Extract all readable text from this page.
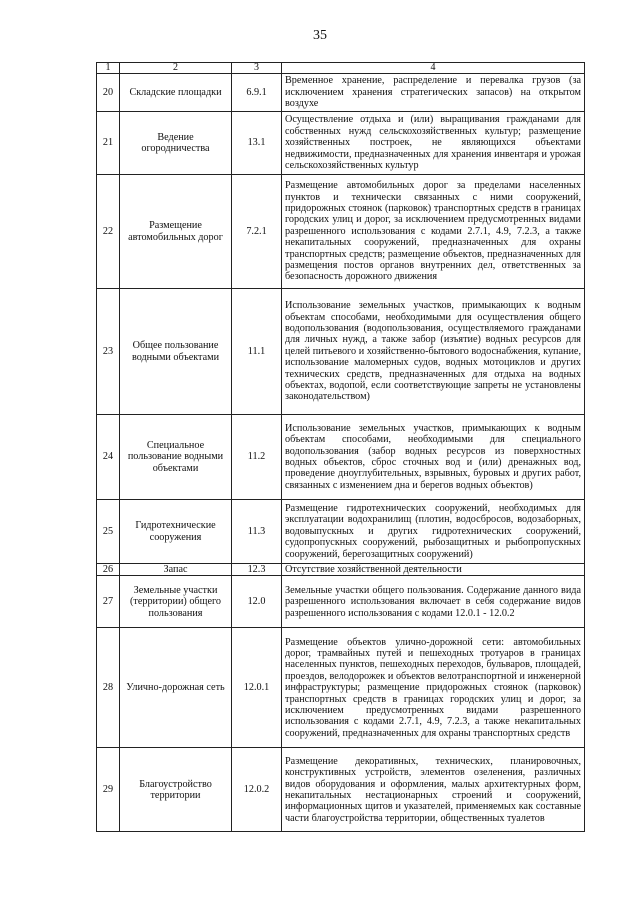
35
1	2	3	4
20	Складские площадки	6.9.1	Временное хранение, распределение и перевалка грузов (за исключением хранения стратегических запасов) на открытом воздухе
21	Ведение огородничества	13.1	Осуществление отдыха и (или) выращивания гражданами для собственных нужд сельскохозяйственных культур; размещение хозяйственных построек, не являющихся объектами недвижимости, предназначенных для хранения инвентаря и урожая сельскохозяйственных культур
22	Размещение автомобильных дорог	7.2.1	Размещение автомобильных дорог за пределами населенных пунктов и технически связанных с ними сооружений, придорожных стоянок (парковок) транспортных средств в границах городских улиц и дорог, за исключением предусмотренных видами разрешенного использования с кодами 2.7.1, 4.9, 7.2.3, а также некапитальных сооружений, предназначенных для охраны транспортных средств; размещение объектов, предназначенных для размещения постов органов внутренних дел, ответственных за безопасность дорожного движения
23	Общее пользование водными объектами	11.1	Использование земельных участков, примыкающих к водным объектам способами, необходимыми для осуществления общего водопользования (водопользования, осуществляемого гражданами для личных нужд, а также забор (изъятие) водных ресурсов для целей питьевого и хозяйственно-бытового водоснабжения, купание, использование маломерных судов, водных мотоциклов и других технических средств, предназначенных для отдыха на водных объектах, водопой, если соответствующие запреты не установлены законодательством)
24	Специальное пользование водными объектами	11.2	Использование земельных участков, примыкающих к водным объектам способами, необходимыми для специального водопользования (забор водных ресурсов из поверхностных водных объектов, сброс сточных вод и (или) дренажных вод, проведение дноуглубительных, взрывных, буровых и других работ, связанных с изменением дна и берегов водных объектов)
25	Гидротехнические сооружения	11.3	Размещение гидротехнических сооружений, необходимых для эксплуатации водохранилищ (плотин, водосбросов, водозаборных, водовыпускных и других гидротехнических сооружений, судопропускных сооружений, рыбозащитных и рыбопропускных сооружений, берегозащитных сооружений)
26	Запас	12.3	Отсутствие хозяйственной деятельности
27	Земельные участки (территории) общего пользования	12.0	Земельные участки общего пользования. Содержание данного вида разрешенного использования включает в себя содержание видов разрешенного использования с кодами 12.0.1 - 12.0.2
28	Улично-дорожная сеть	12.0.1	Размещение объектов улично-дорожной сети: автомобильных дорог, трамвайных путей и пешеходных тротуаров в границах населенных пунктов, пешеходных переходов, бульваров, площадей, проездов, велодорожек и объектов велотранспортной и инженерной инфраструктуры; размещение придорожных стоянок (парковок) транспортных средств в границах городских улиц и дорог, за исключением предусмотренных видами разрешенного использования с кодами 2.7.1, 4.9, 7.2.3, а также некапитальных сооружений, предназначенных для охраны транспортных средств
29	Благоустройство территории	12.0.2	Размещение декоративных, технических, планировочных, конструктивных устройств, элементов озеленения, различных видов оборудования и оформления, малых архитектурных форм, некапитальных нестационарных строений и сооружений, информационных щитов и указателей, применяемых как составные части благоустройства территории, общественных туалетов
